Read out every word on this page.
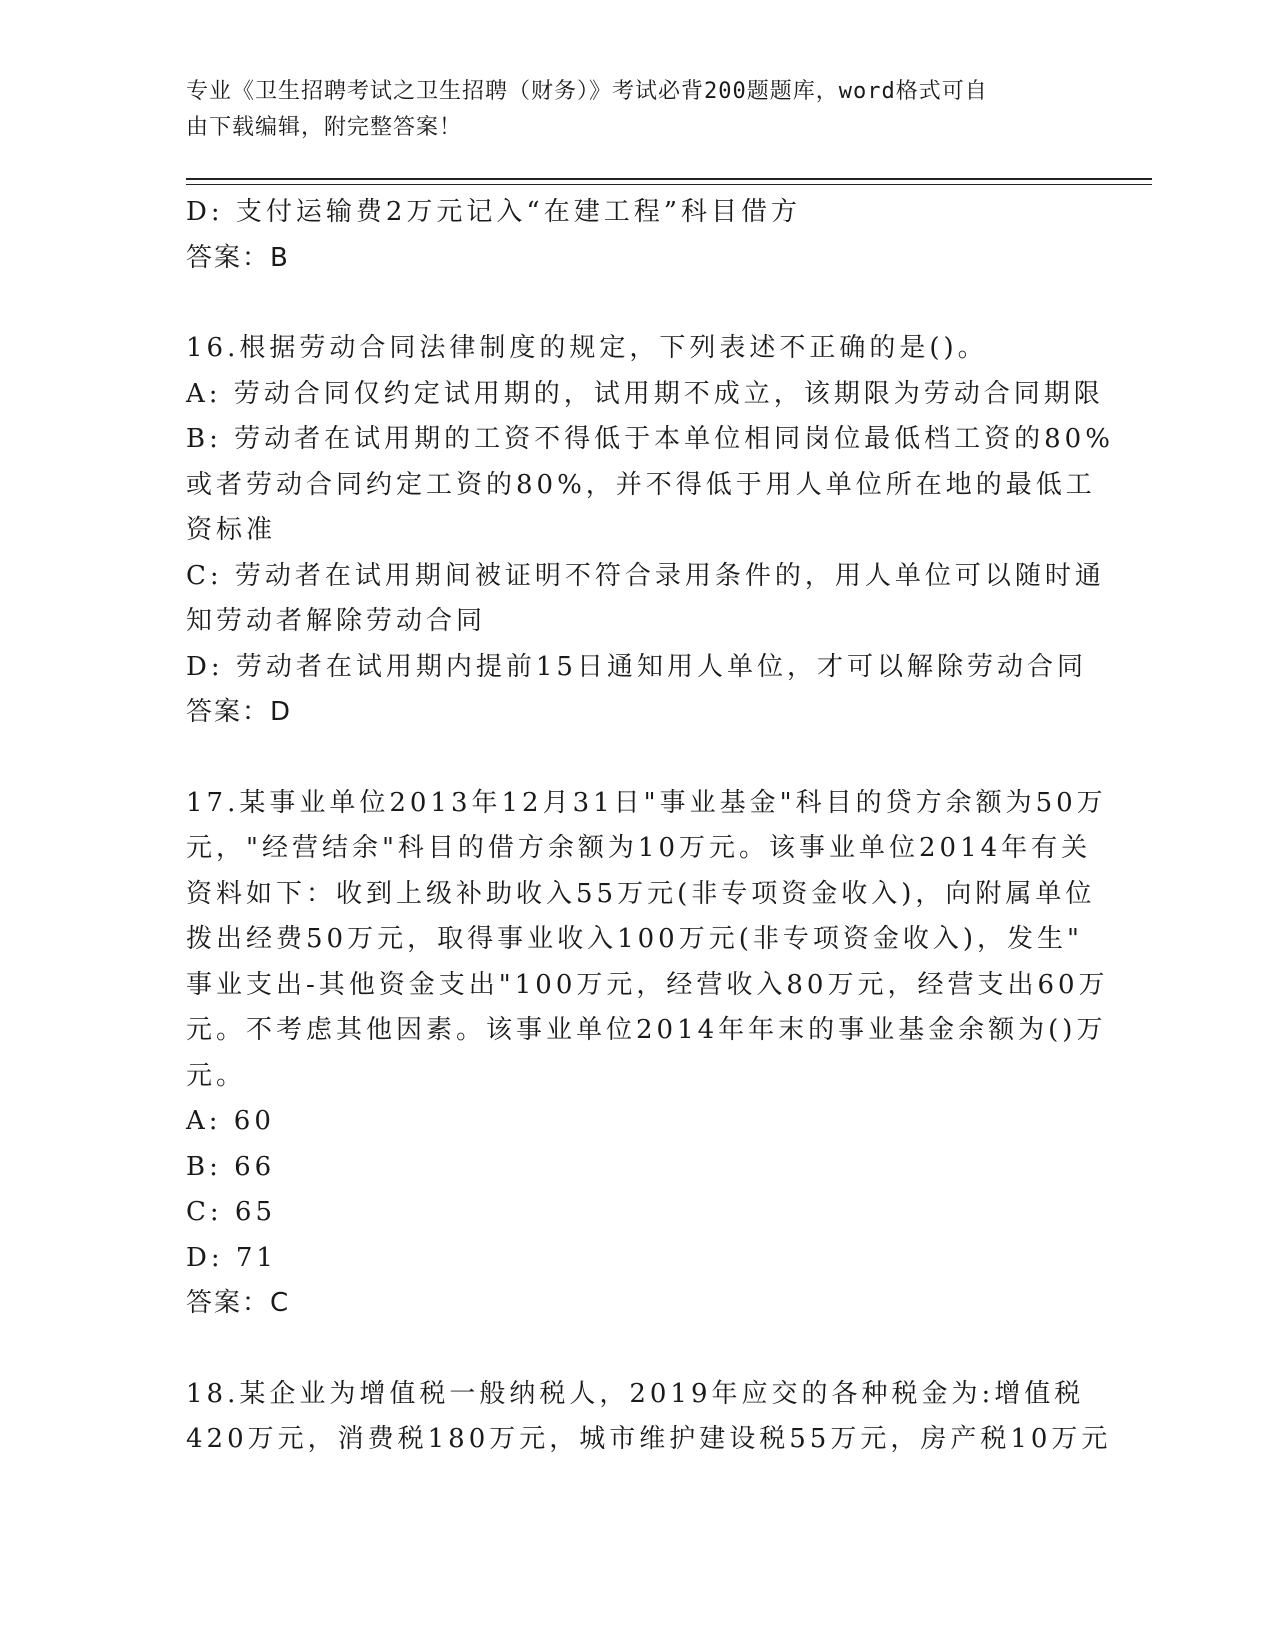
专业《卫生招聘考试之卫生招聘（财务）》考试必背200题题库，word格式可自
由下载编辑，附完整答案！
D: 支付运输费2万元记入“在建工程”科目借方
答案：B
16.根据劳动合同法律制度的规定，下列表述不正确的是()。
A: 劳动合同仅约定试用期的，试用期不成立，该期限为劳动合同期限
B: 劳动者在试用期的工资不得低于本单位相同岗位最低档工资的80%
或者劳动合同约定工资的80%，并不得低于用人单位所在地的最低工
资标准
C: 劳动者在试用期间被证明不符合录用条件的，用人单位可以随时通
知劳动者解除劳动合同
D: 劳动者在试用期内提前15日通知用人单位，才可以解除劳动合同
答案：D
17.某事业单位2013年12月31日"事业基金"科目的贷方余额为50万
元，"经营结余"科目的借方余额为10万元。该事业单位2014年有关
资料如下：收到上级补助收入55万元(非专项资金收入)，向附属单位
拨出经费50万元，取得事业收入100万元(非专项资金收入)，发生"
事业支出-其他资金支出"100万元，经营收入80万元，经营支出60万
元。不考虑其他因素。该事业单位2014年年末的事业基金余额为()万
元。
A: 60
B: 66
C: 65
D: 71
答案：C
18.某企业为增值税一般纳税人，2019年应交的各种税金为:增值税
420万元，消费税180万元，城市维护建设税55万元，房产税10万元
